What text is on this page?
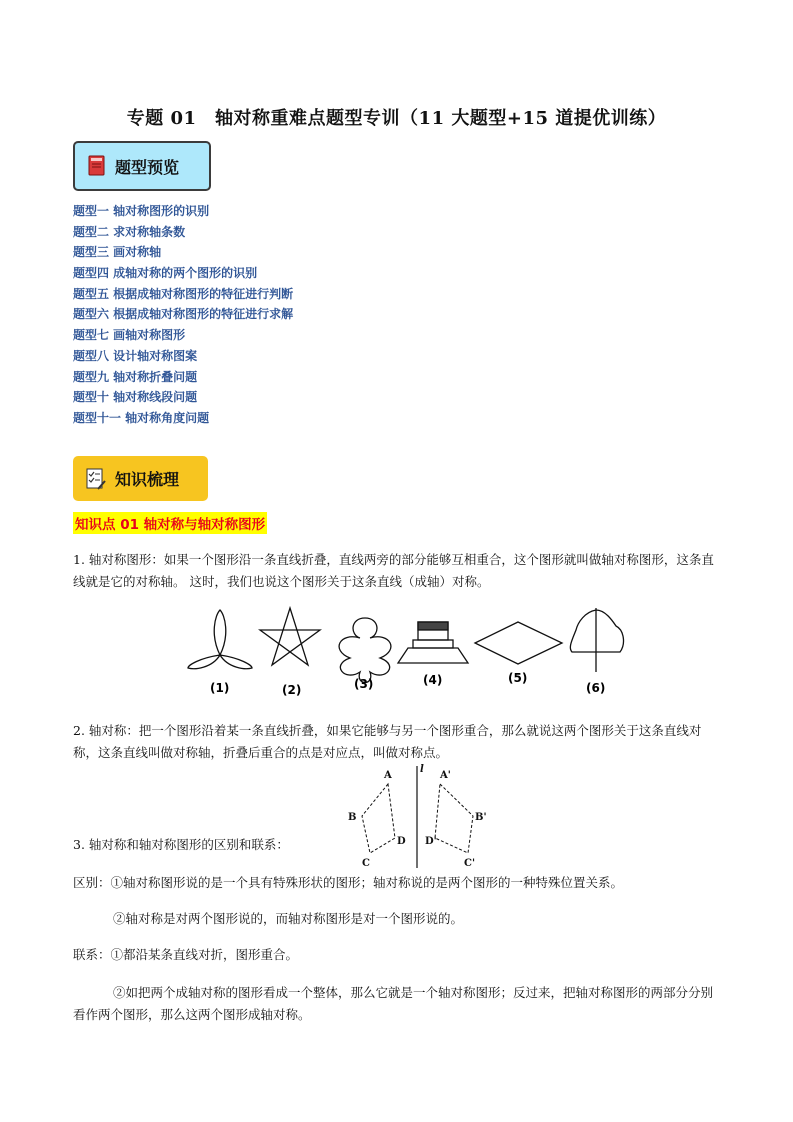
专题 01　轴对称重难点题型专训（11 大题型+15 道提优训练）
题型预览
题型一 轴对称图形的识别
题型二 求对称轴条数
题型三 画对称轴
题型四 成轴对称的两个图形的识别
题型五 根据成轴对称图形的特征进行判断
题型六 根据成轴对称图形的特征进行求解
题型七 画轴对称图形
题型八 设计轴对称图案
题型九 轴对称折叠问题
题型十 轴对称线段问题
题型十一 轴对称角度问题
知识梳理
知识点 01 轴对称与轴对称图形
1. 轴对称图形：如果一个图形沿一条直线折叠，直线两旁的部分能够互相重合，这个图形就叫做轴对称图形，这条直线就是它的对称轴。 这时，我们也说这个图形关于这条直线（成轴）对称。
(1)	(2)	(3)	(4)	(5)
(6)
2. 轴对称：把一个图形沿着某一条直线折叠，如果它能够与另一个图形重合，那么就说这两个图形关于这条直线对称，这条直线叫做对称轴，折叠后重合的点是对应点，叫做对称点。
A
B
C
D
l
A'
B'
C'
D'
3. 轴对称和轴对称图形的区别和联系：
区别：①轴对称图形说的是一个具有特殊形状的图形；轴对称说的是两个图形的一种特殊位置关系。
②轴对称是对两个图形说的，而轴对称图形是对一个图形说的。
联系：①都沿某条直线对折，图形重合。
②如把两个成轴对称的图形看成一个整体，那么它就是一个轴对称图形；反过来，把轴对称图形的两部分分别看作两个图形，那么这两个图形成轴对称。
